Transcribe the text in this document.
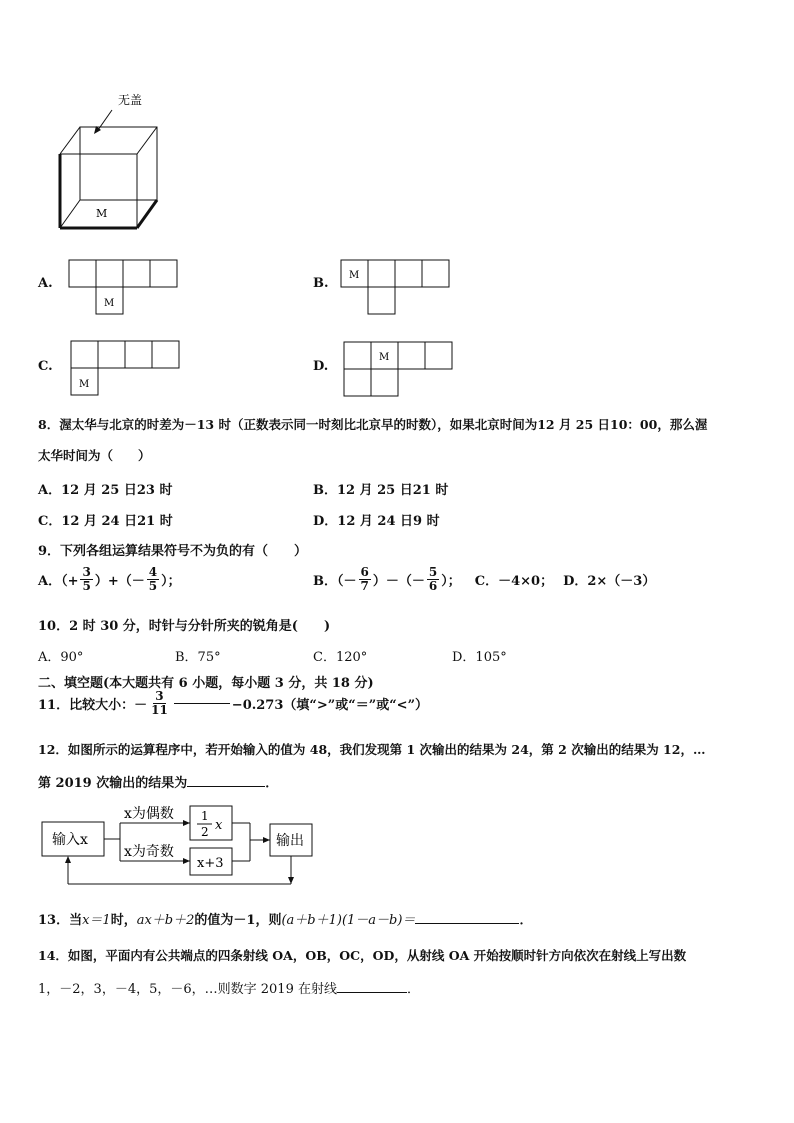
无盖
M
A.
M
B.
M
C.
M
D.
M
8．渥太华与北京的时差为－13 时（正数表示同一时刻比北京早的时数），如果北京时间为12 月 25 日10：00，那么渥
太华时间为（　　）
A．12 月 25 日23 时	B．12 月 25 日21 时
C．12 月 24 日21 时	D．12 月 24 日9 时
9．下列各组运算结果符号不为负的有（　　）
A．（+ $\frac{3}{5}$ ）+（－ $\frac{4}{5}$ ）；	B．（－ $\frac{6}{7}$ ）－（－ $\frac{5}{6}$ ）； C．－4×0； D．2×（－3）
10．2 时 30 分，时针与分针所夹的锐角是(　　)
A．90°	B．75°	C．120°	D．105°
二、填空题(本大题共有 6 小题，每小题 3 分，共 18 分)
11．比较大小：－ $\frac{3}{11}$	−0.273（填“>”或“＝”或“<”）
12．如图所示的运算程序中，若开始输入的值为 48，我们发现第 1 次输出的结果为 24，第 2 次输出的结果为 12，…
第 2019 次输出的结果为	．
输入x
x为偶数
x为奇数
1
2 x
x+3
输出
13．当x＝1时，ax＋b＋2的值为－1，则(a＋b＋1)(1－a－b)＝	．
14．如图，平面内有公共端点的四条射线 OA，OB，OC，OD，从射线 OA 开始按顺时针方向依次在射线上写出数
1，－2，3，－4，5，－6，…则数字 2019 在射线	．
